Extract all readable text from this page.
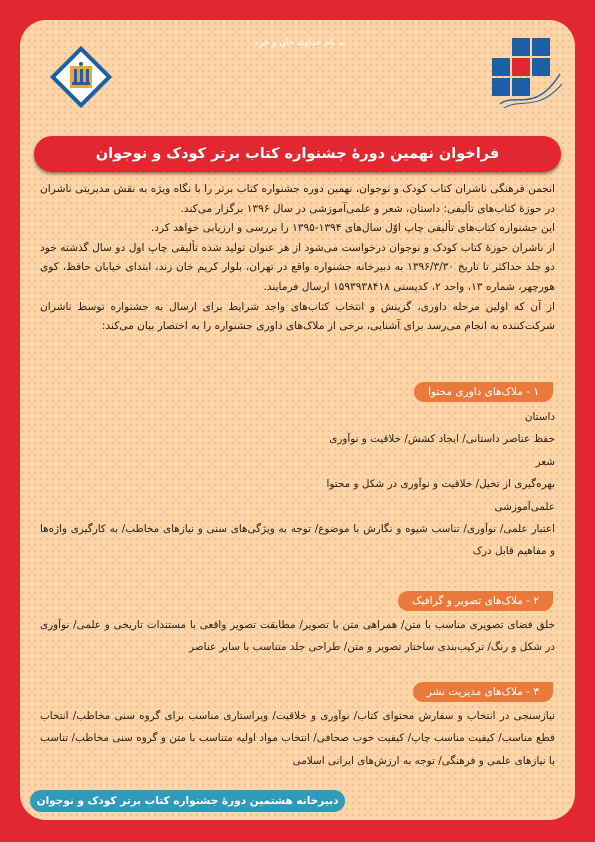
به نام خداوند جان و خرد
فراخوان نهمین دورهٔ جشنواره کتاب برتر کودک و نوجوان

انجمن فرهنگی ناشران کتاب کودک و نوجوان، نهمین دوره جشنواره کتاب برتر را با نگاه ویژه به نقش مدیریتی ناشران در حوزهٔ کتاب‌های تألیفی: داستان، شعر و علمی‌آموزشی در سال ۱۳۹۶ برگزار می‌کند.

این جشنواره کتاب‌های تألیفی چاپ اوّل سال‌های ۱۳۹۴-۱۳۹۵ را بررسی و ارزیابی خواهد کرد.

از ناشران حوزهٔ کتاب کودک و نوجوان درخواست می‌شود از هر عنوان تولید شده تألیفی چاپ اول دو سال گذشته خود دو جلد حداکثر تا تاریخ ۱۳۹۶/۳/۳۰ به دبیرخانه جشنواره واقع در تهران، بلوار کریم خان زند، ابتدای خیابان حافظ، کوی هورچهر، شماره ۱۳، واحد ۲، کدپستی ۱۵۹۳۹۳۸۴۱۸ ارسال فرمایند.

از آن که اولین مرحله داوری، گزینش و انتخاب کتاب‌های واجد شرایط برای ارسال به جشنواره توسط ناشران شرکت‌کننده به انجام می‌رسد برای آشنایی، برخی از ملاک‌های داوری جشنواره را به اختصار بیان می‌کند:

۱ - ملاک‌های داوری محتوا

داستان

حفظ عناصر داستانی/ ایجاد کشش/ خلاقیت و نوآوری

شعر

بهره‌گیری از تخیل/ خلاقیت و نوآوری در شکل و محتوا

علمی‌آموزشی

اعتبار علمی/ نوآوری/ تناسب شیوه و نگارش با موضوع/ توجه به ویژگی‌های سنی و نیازهای مخاطب/ به کارگیری واژه‌ها و مفاهیم قابل درک

۲ - ملاک‌های تصویر و گرافیک

خلق فضای تصویری مناسب با متن/ همراهی متن با تصویر/ مطابقت تصویر واقعی با مستندات تاریخی و علمی/ نوآوری در شکل و رنگ/ ترکیب‌بندی ساختار تصویر و متن/ طراحی جلد متناسب با سایر عناصر

۳ - ملاک‌های مدیریت نشر

نیازسنجی در انتخاب و سفارش محتوای کتاب/ نوآوری و خلاقیت/ ویراستاری مناسب برای گروه سنی مخاطب/ انتخاب قطع مناسب/ کیفیت مناسب چاپ/ کیفیت خوب صحافی/ انتخاب مواد اولیه متناسب با متن و گروه سنی مخاطب/ تناسب با نیازهای علمی و فرهنگی/ توجه به ارزش‌های ایرانی اسلامی

دبیرخانه هشتمین دورهٔ جشنواره کتاب برتر کودک و نوجوان
